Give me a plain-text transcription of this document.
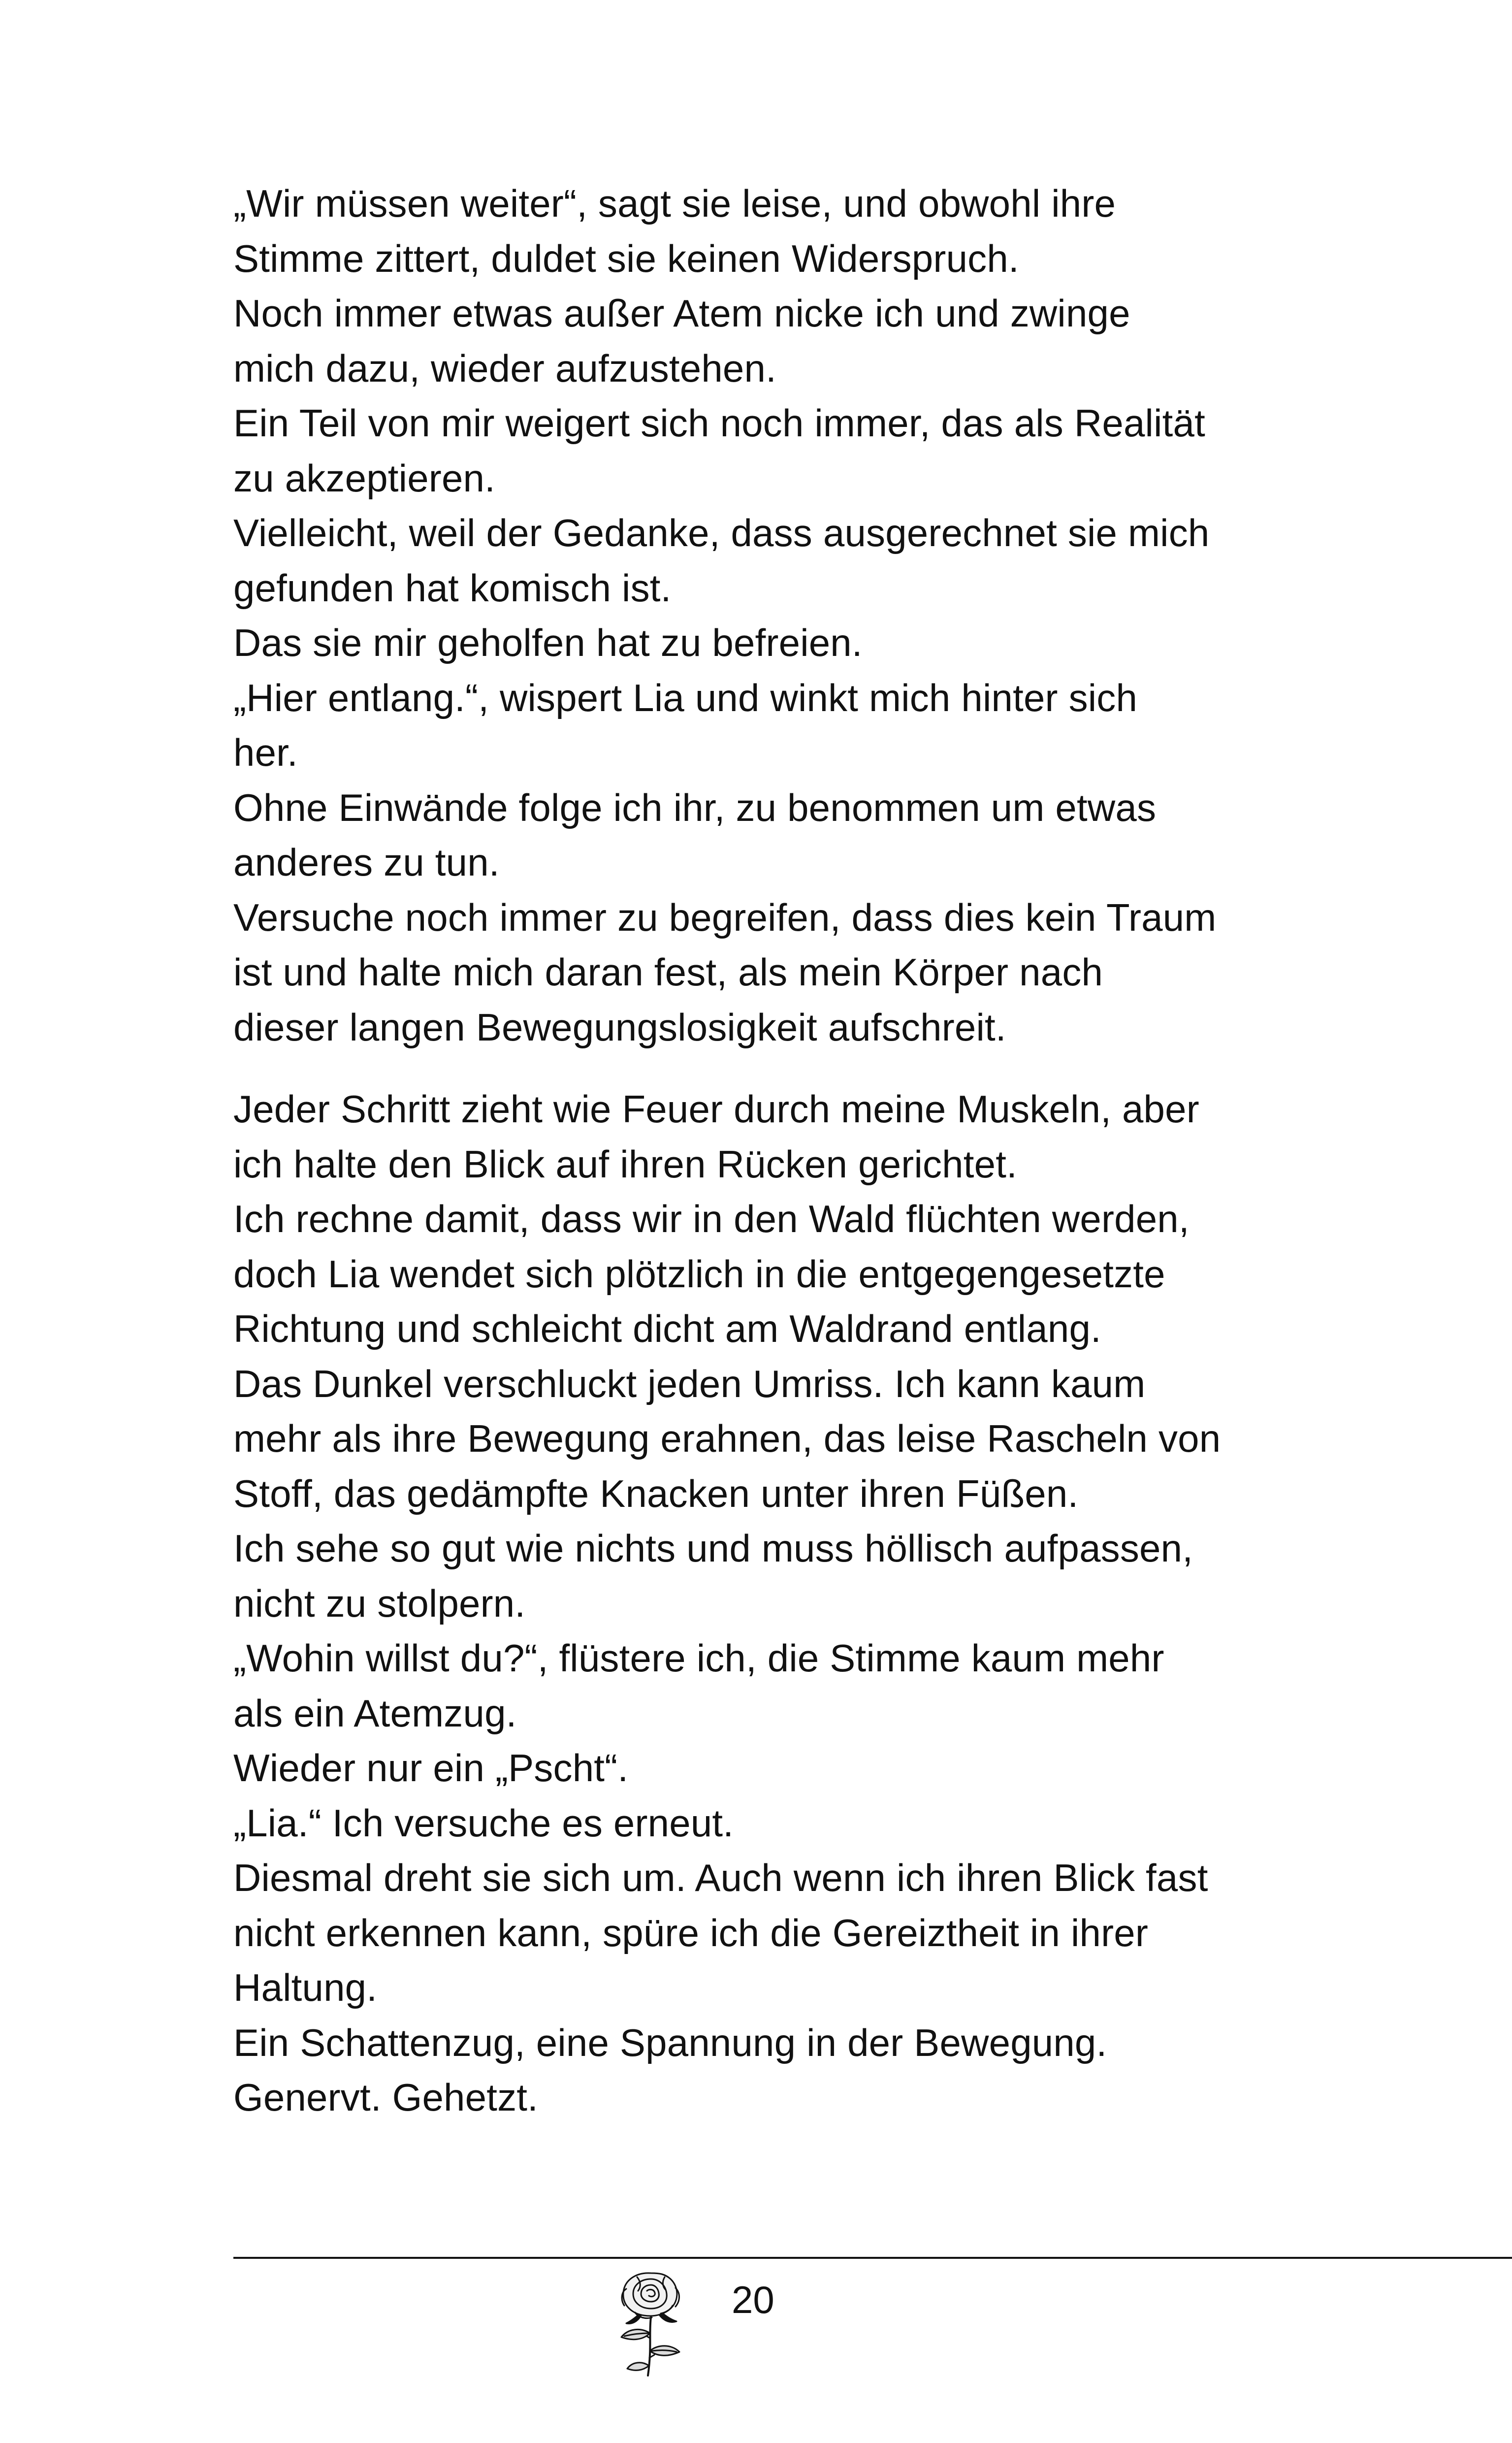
„Wir müssen weiter“, sagt sie leise, und obwohl ihre
Stimme zittert, duldet sie keinen Widerspruch.
Noch immer etwas außer Atem nicke ich und zwinge
mich dazu, wieder aufzustehen.
Ein Teil von mir weigert sich noch immer, das als Realität
zu akzeptieren.
Vielleicht, weil der Gedanke, dass ausgerechnet sie mich
gefunden hat komisch ist.
Das sie mir geholfen hat zu befreien.
„Hier entlang.“, wispert Lia und winkt mich hinter sich
her.
Ohne Einwände folge ich ihr, zu benommen um etwas
anderes zu tun.
Versuche noch immer zu begreifen, dass dies kein Traum
ist und halte mich daran fest, als mein Körper nach
dieser langen Bewegungslosigkeit aufschreit.
Jeder Schritt zieht wie Feuer durch meine Muskeln, aber
ich halte den Blick auf ihren Rücken gerichtet.
Ich rechne damit, dass wir in den Wald flüchten werden,
doch Lia wendet sich plötzlich in die entgegengesetzte
Richtung und schleicht dicht am Waldrand entlang.
Das Dunkel verschluckt jeden Umriss. Ich kann kaum
mehr als ihre Bewegung erahnen, das leise Rascheln von
Stoff, das gedämpfte Knacken unter ihren Füßen.
Ich sehe so gut wie nichts und muss höllisch aufpassen,
nicht zu stolpern.
„Wohin willst du?“, flüstere ich, die Stimme kaum mehr
als ein Atemzug.
Wieder nur ein „Pscht“.
„Lia.“ Ich versuche es erneut.
Diesmal dreht sie sich um. Auch wenn ich ihren Blick fast
nicht erkennen kann, spüre ich die Gereiztheit in ihrer
Haltung.
Ein Schattenzug, eine Spannung in der Bewegung.
Genervt. Gehetzt.
20
